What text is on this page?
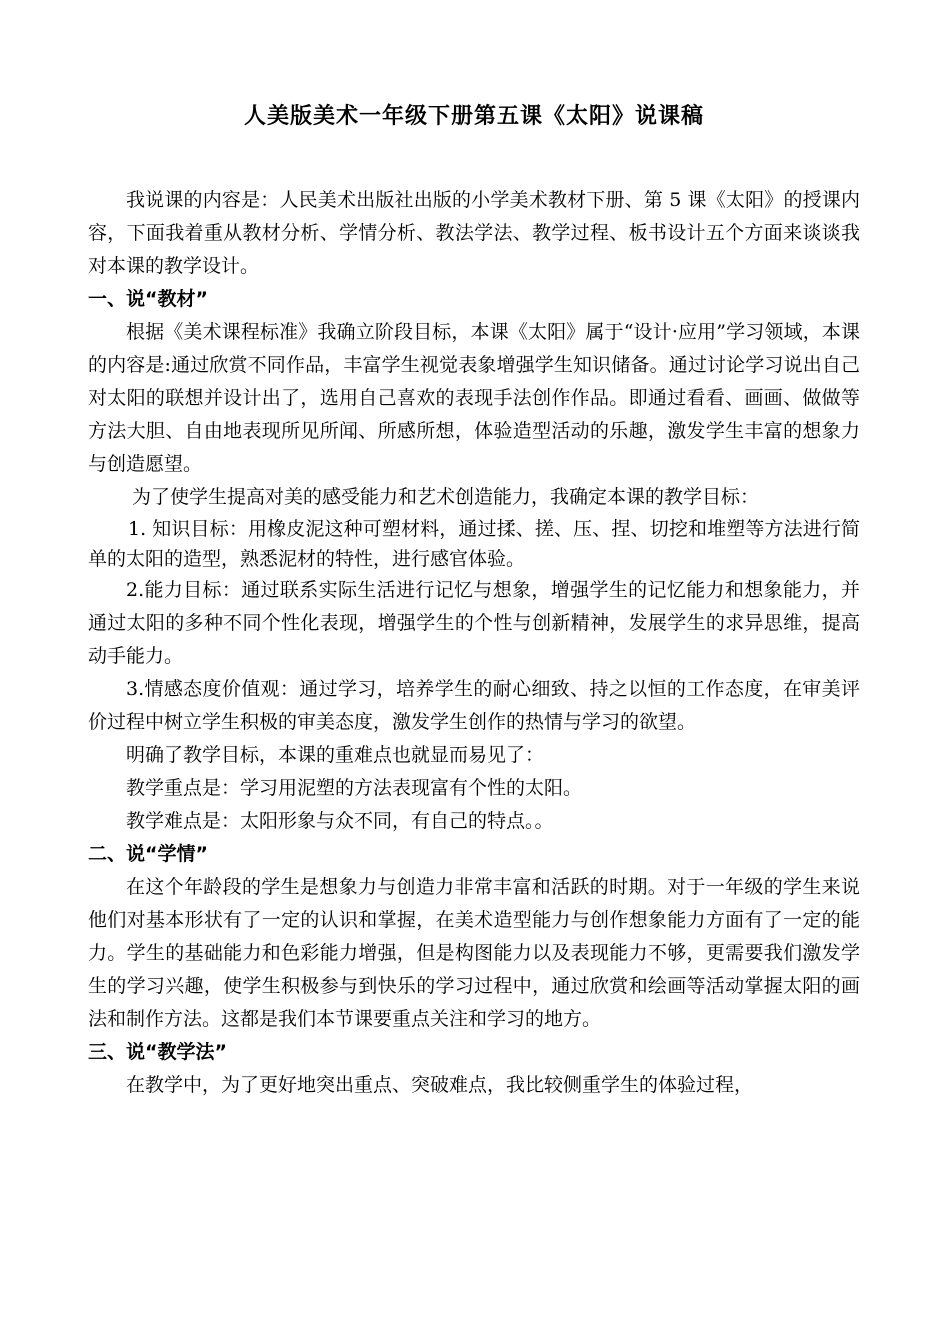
人美版美术一年级下册第五课《太阳》说课稿

我说课的内容是：人民美术出版社出版的小学美术教材下册、第 5 课《太阳》的授课内容，下面我着重从教材分析、学情分析、教法学法、教学过程、板书设计五个方面来谈谈我对本课的教学设计。

一、说“教材”

根据《美术课程标准》我确立阶段目标，本课《太阳》属于“设计·应用”学习领域，本课的内容是:通过欣赏不同作品，丰富学生视觉表象增强学生知识储备。通过讨论学习说出自己对太阳的联想并设计出了，选用自己喜欢的表现手法创作作品。即通过看看、画画、做做等方法大胆、自由地表现所见所闻、所感所想，体验造型活动的乐趣，激发学生丰富的想象力与创造愿望。

为了使学生提高对美的感受能力和艺术创造能力，我确定本课的教学目标：

1. 知识目标：用橡皮泥这种可塑材料，通过揉、搓、压、捏、切挖和堆塑等方法进行简单的太阳的造型，熟悉泥材的特性，进行感官体验。

2.能力目标：通过联系实际生活进行记忆与想象，增强学生的记忆能力和想象能力，并通过太阳的多种不同个性化表现，增强学生的个性与创新精神，发展学生的求异思维，提高动手能力。

3.情感态度价值观：通过学习，培养学生的耐心细致、持之以恒的工作态度，在审美评价过程中树立学生积极的审美态度，激发学生创作的热情与学习的欲望。

明确了教学目标，本课的重难点也就显而易见了：

教学重点是：学习用泥塑的方法表现富有个性的太阳。

教学难点是：太阳形象与众不同，有自己的特点。。

二、说“学情”

在这个年龄段的学生是想象力与创造力非常丰富和活跃的时期。对于一年级的学生来说他们对基本形状有了一定的认识和掌握，在美术造型能力与创作想象能力方面有了一定的能力。学生的基础能力和色彩能力增强，但是构图能力以及表现能力不够，更需要我们激发学生的学习兴趣，使学生积极参与到快乐的学习过程中，通过欣赏和绘画等活动掌握太阳的画法和制作方法。这都是我们本节课要重点关注和学习的地方。

三、说“教学法”

在教学中，为了更好地突出重点、突破难点，我比较侧重学生的体验过程，
